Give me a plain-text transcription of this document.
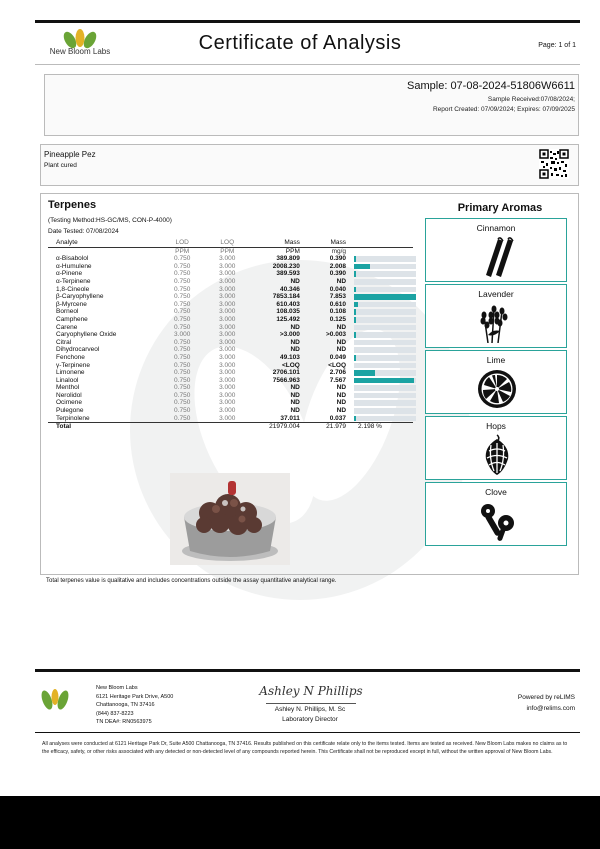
New Bloom Labs	Certificate of Analysis	Page: 1 of 1
Sample: 07-08-2024-51806W6611
Sample Received:07/08/2024;
Report Created: 07/09/2024; Expires: 07/09/2025
Pineapple Pez
Plant cured
Terpenes
(Testing Method:HS-GC/MS, CON-P-4000)
Date Tested: 07/08/2024
Analyte	LOD	LOQ	Mass	Mass	
	PPM	PPM	PPM	mg/g	
α-Bisabolol	0.750	3.000	389.809	0.390	

α-Humulene	0.750	3.000	2008.230	2.008	

α-Pinene	0.750	3.000	389.593	0.390	

α-Terpinene	0.750	3.000	ND	ND	

1,8-Cineole	0.750	3.000	40.346	0.040	

β-Caryophyllene	0.750	3.000	7853.184	7.853	

β-Myrcene	0.750	3.000	610.403	0.610	

Borneol	0.750	3.000	108.035	0.108	

Camphene	0.750	3.000	125.492	0.125	

Carene	0.750	3.000	ND	ND	

Caryophyllene Oxide	3.000	3.000	>3.000	>0.003	

Citral	0.750	3.000	ND	ND	

Dihydrocarveol	0.750	3.000	ND	ND	

Fenchone	0.750	3.000	49.103	0.049	

γ-Terpinene	0.750	3.000	<LOQ	<LOQ	

Limonene	0.750	3.000	2706.101	2.706	

Linalool	0.750	3.000	7566.963	7.567	

Menthol	0.750	3.000	ND	ND	

Nerolidol	0.750	3.000	ND	ND	

Ocimene	0.750	3.000	ND	ND	

Pulegone	0.750	3.000	ND	ND	

Terpinolene	0.750	3.000	37.011	0.037	

Total			21979.004	21.979	2.198 %
Primary Aromas
Cinnamon
Lavender
Lime
Hops
Clove
Total terpenes value is qualitative and includes concentrations outside the assay quantitative analytical range.
New Bloom Labs
6121 Heritage Park Drive, A500
Chattanooga, TN 37416
(844) 837-8223
TN DEA#: RN0563975
Ashley N Phillips
Ashley N. Phillips, M. Sc
Laboratory Director
Powered by reLIMS
info@relims.com
All analyses were conducted at 6121 Heritage Park Dr, Suite A500 Chattanooga, TN 37416. Results published on this certificate relate only to the items tested. Items are tested as received. New Bloom Labs makes no claims as to the efficacy, safety, or other risks associated with any detected or non-detected level of any compounds reported herein. This Certificate shall not be reproduced except in full, without the written approval of New Bloom Labs.
